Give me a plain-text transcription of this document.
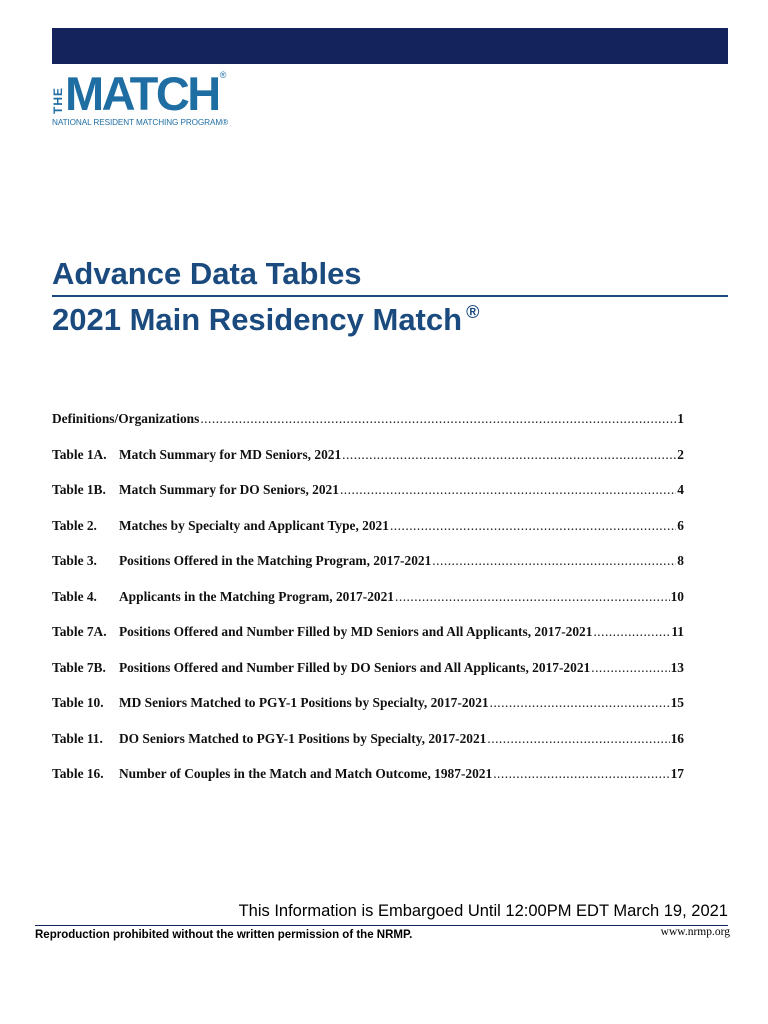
THE MATCH ®
NATIONAL RESIDENT MATCHING PROGRAM®
Advance Data Tables
2021 Main Residency Match ®
Definitions/Organizations .....	1
Table 1A. Match Summary for MD Seniors, 2021 .....	2
Table 1B. Match Summary for DO Seniors, 2021 .....	4
Table 2.	Matches by Specialty and Applicant Type, 2021 .....	6
Table 3.	Positions Offered in the Matching Program, 2017-2021 .....	8
Table 4.	Applicants in the Matching Program, 2017-2021 .....	10
Table 7A. Positions Offered and Number Filled by MD Seniors and All Applicants, 2017-2021 .....	11
Table 7B. Positions Offered and Number Filled by DO Seniors and All Applicants, 2017-2021 .....	13
Table 10.	MD Seniors Matched to PGY-1 Positions by Specialty, 2017-2021 .....	15
Table 11.	DO Seniors Matched to PGY-1 Positions by Specialty, 2017-2021 .....	16
Table 16.	Number of Couples in the Match and Match Outcome, 1987-2021 .....	17
This Information is Embargoed Until 12:00PM EDT March 19, 2021
Reproduction prohibited without the written permission of the NRMP.	www.nrmp.org
